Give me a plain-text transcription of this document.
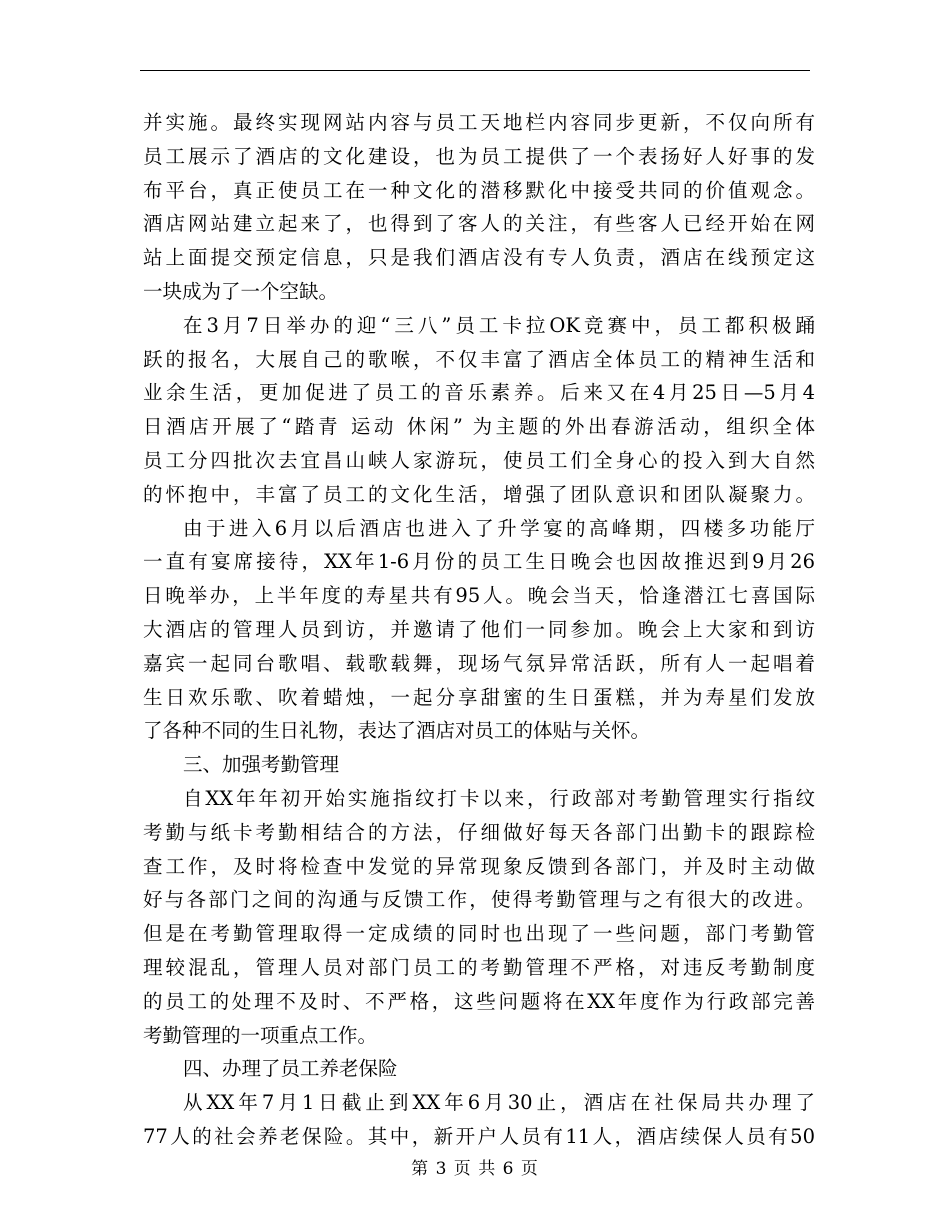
并实施。最终实现网站内容与员工天地栏内容同步更新，不仅向所有
员工展示了酒店的文化建设，也为员工提供了一个表扬好人好事的发
布平台，真正使员工在一种文化的潜移默化中接受共同的价值观念。
酒店网站建立起来了，也得到了客人的关注，有些客人已经开始在网
站上面提交预定信息，只是我们酒店没有专人负责，酒店在线预定这
一块成为了一个空缺。
在3月7日举办的迎“三八”员工卡拉OK竞赛中，员工都积极踊
跃的报名，大展自己的歌喉，不仅丰富了酒店全体员工的精神生活和
业余生活，更加促进了员工的音乐素养。后来又在4月25日—5月4
日酒店开展了“踏青 运动 休闲” 为主题的外出春游活动，组织全体
员工分四批次去宜昌山峡人家游玩，使员工们全身心的投入到大自然
的怀抱中，丰富了员工的文化生活，增强了团队意识和团队凝聚力。
由于进入6月以后酒店也进入了升学宴的高峰期，四楼多功能厅
一直有宴席接待，XX年1-6月份的员工生日晚会也因故推迟到9月26
日晚举办，上半年度的寿星共有95人。晚会当天，恰逢潜江七喜国际
大酒店的管理人员到访，并邀请了他们一同参加。晚会上大家和到访
嘉宾一起同台歌唱、载歌载舞，现场气氛异常活跃，所有人一起唱着
生日欢乐歌、吹着蜡烛，一起分享甜蜜的生日蛋糕，并为寿星们发放
了各种不同的生日礼物，表达了酒店对员工的体贴与关怀。
三、加强考勤管理
自XX年年初开始实施指纹打卡以来，行政部对考勤管理实行指纹
考勤与纸卡考勤相结合的方法，仔细做好每天各部门出勤卡的跟踪检
查工作，及时将检查中发觉的异常现象反馈到各部门，并及时主动做
好与各部门之间的沟通与反馈工作，使得考勤管理与之有很大的改进。
但是在考勤管理取得一定成绩的同时也出现了一些问题，部门考勤管
理较混乱，管理人员对部门员工的考勤管理不严格，对违反考勤制度
的员工的处理不及时、不严格，这些问题将在XX年度作为行政部完善
考勤管理的一项重点工作。
四、办理了员工养老保险
从XX年7月1日截止到XX年6月30止，酒店在社保局共办理了
77人的社会养老保险。其中，新开户人员有11人，酒店续保人员有50
第 3 页 共 6 页
